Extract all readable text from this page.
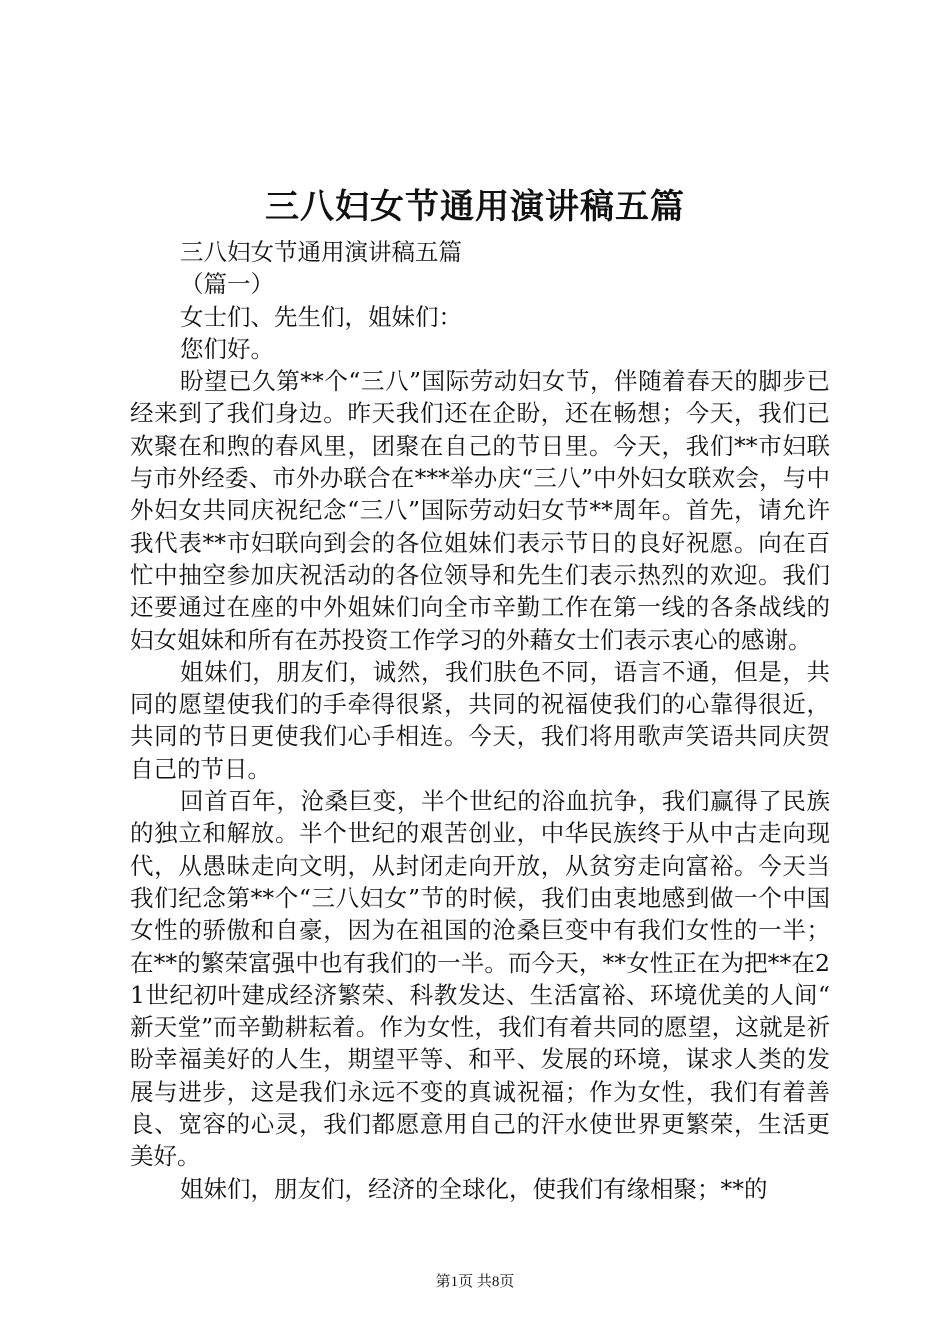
三八妇女节通用演讲稿五篇

三八妇女节通用演讲稿五篇

（篇一）

女士们、先生们，姐妹们：

您们好。

盼望已久第**个“三八”国际劳动妇女节，伴随着春天的脚步已经来到了我们身边。昨天我们还在企盼，还在畅想；今天，我们已欢聚在和煦的春风里，团聚在自己的节日里。今天，我们**市妇联与市外经委、市外办联合在***举办庆“三八”中外妇女联欢会，与中外妇女共同庆祝纪念“三八”国际劳动妇女节**周年。首先，请允许我代表**市妇联向到会的各位姐妹们表示节日的良好祝愿。向在百忙中抽空参加庆祝活动的各位领导和先生们表示热烈的欢迎。我们还要通过在座的中外姐妹们向全市辛勤工作在第一线的各条战线的妇女姐妹和所有在苏投资工作学习的外藉女士们表示衷心的感谢。

姐妹们，朋友们，诚然，我们肤色不同，语言不通，但是，共同的愿望使我们的手牵得很紧，共同的祝福使我们的心靠得很近，共同的节日更使我们心手相连。今天，我们将用歌声笑语共同庆贺自己的节日。

回首百年，沧桑巨变，半个世纪的浴血抗争，我们赢得了民族的独立和解放。半个世纪的艰苦创业，中华民族终于从中古走向现代，从愚昧走向文明，从封闭走向开放，从贫穷走向富裕。今天当我们纪念第**个“三八妇女”节的时候，我们由衷地感到做一个中国女性的骄傲和自豪，因为在祖国的沧桑巨变中有我们女性的一半；在**的繁荣富强中也有我们的一半。而今天，**女性正在为把**在21世纪初叶建成经济繁荣、科教发达、生活富裕、环境优美的人间“新天堂”而辛勤耕耘着。作为女性，我们有着共同的愿望，这就是祈盼幸福美好的人生，期望平等、和平、发展的环境，谋求人类的发展与进步，这是我们永远不变的真诚祝福；作为女性，我们有着善良、宽容的心灵，我们都愿意用自己的汗水使世界更繁荣，生活更美好。

姐妹们，朋友们，经济的全球化，使我们有缘相聚；**的

第1页 共8页
